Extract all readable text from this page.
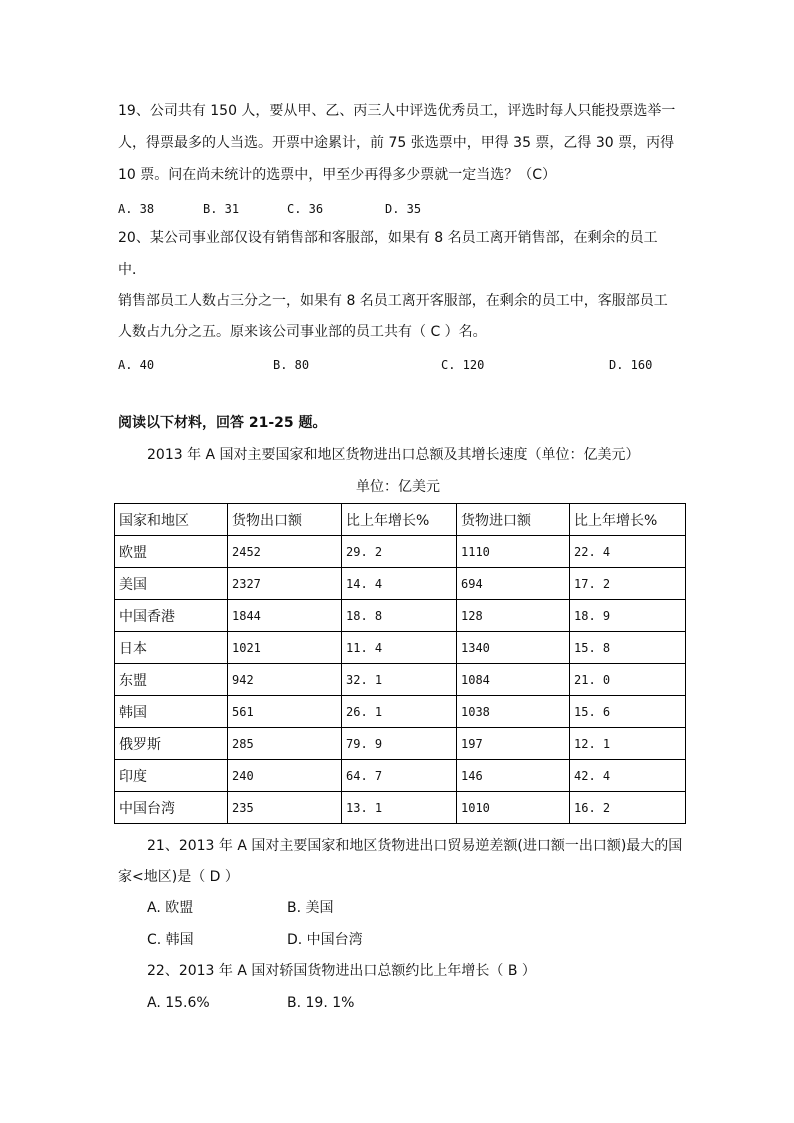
19、公司共有 150 人，要从甲、乙、丙三人中评选优秀员工，评选时每人只能投票选举一
人，得票最多的人当选。开票中途累计，前 75 张选票中，甲得 35 票，乙得 30 票，丙得
10 票。问在尚未统计的选票中，甲至少再得多少票就一定当选？（C）
A. 38	B. 31	C. 36	D. 35
20、某公司事业部仅设有销售部和客服部，如果有 8 名员工离开销售部，在剩余的员工
中．
销售部员工人数占三分之一，如果有 8 名员工离开客服部，在剩余的员工中，客服部员工
人数占九分之五。原来该公司事业部的员工共有（ C ）名。
A. 40	B. 80	C. 120	D. 160
阅读以下材料，回答 21-25 题。
2013 年 A 国对主要国家和地区货物进出口总额及其增长速度（单位：亿美元）
单位：亿美元
国家和地区	货物出口额	比上年增长%	货物进口额	比上年增长%
欧盟	2452	29. 2	1110	22. 4
美国	2327	14. 4	694	17. 2
中国香港	1844	18. 8	128	18. 9
日本	1021	11. 4	1340	15. 8
东盟	942	32. 1	1084	21. 0
韩国	561	26. 1	1038	15. 6
俄罗斯	285	79. 9	197	12. 1
印度	240	64. 7	146	42. 4
中国台湾	235	13. 1	1010	16. 2
21、2013 年 A 国对主要国家和地区货物进出口贸易逆差额(进口额一出口额)最大的国
家<地区)是（ D ）
A. 欧盟	B. 美国
C. 韩国	D. 中国台湾
22、2013 年 A 国对轿国货物进出口总额约比上年增长（ B ）
A. 15.6%	B. 19. 1%
